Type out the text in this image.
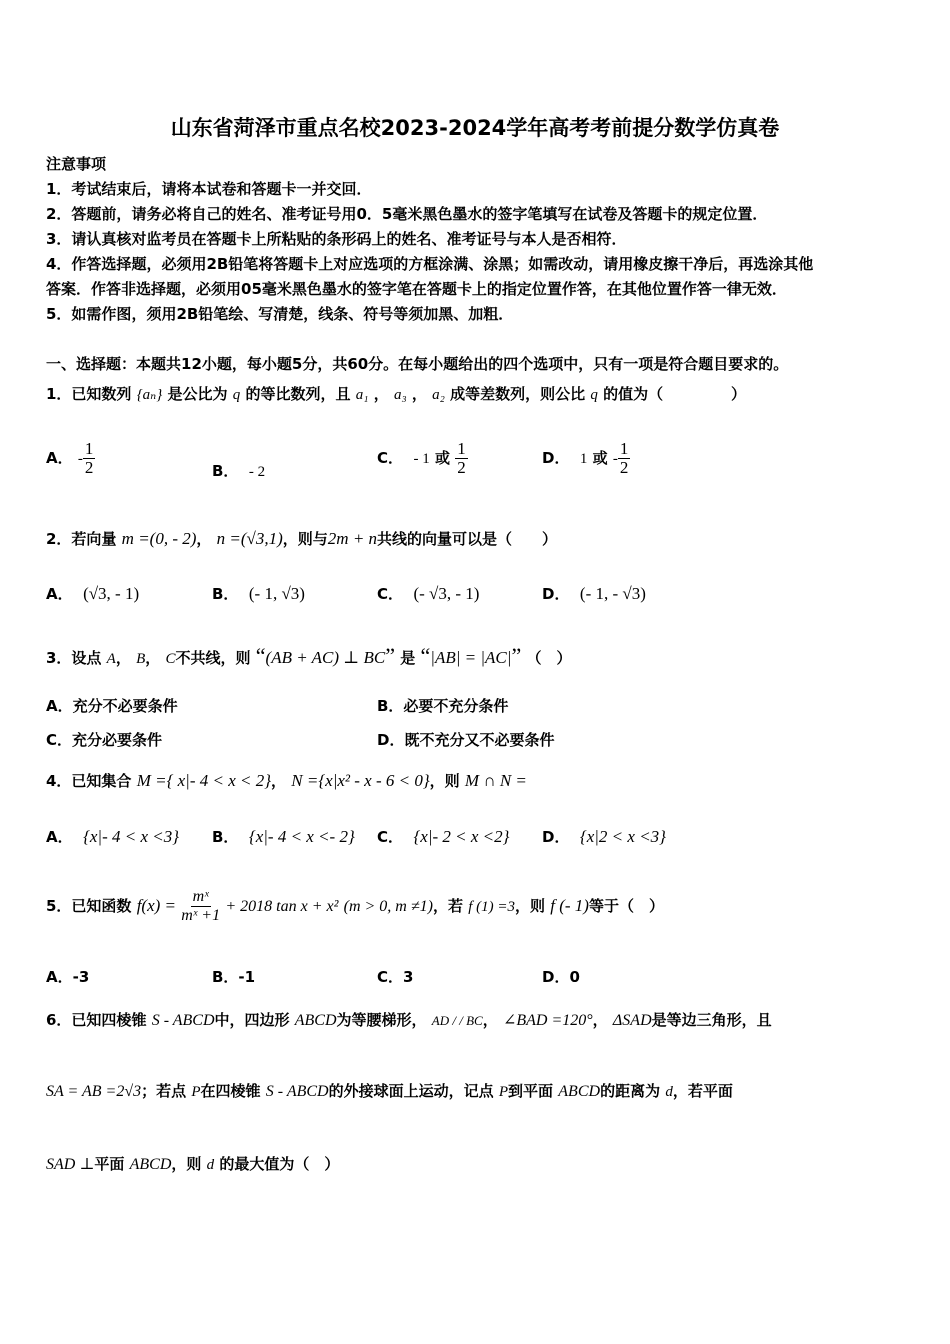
山东省菏泽市重点名校2023-2024学年高考考前提分数学仿真卷
注意事项
1．考试结束后，请将本试卷和答题卡一并交回．
2．答题前，请务必将自己的姓名、准考证号用0．5毫米黑色墨水的签字笔填写在试卷及答题卡的规定位置．
3．请认真核对监考员在答题卡上所粘贴的条形码上的姓名、准考证号与本人是否相符．
4．作答选择题，必须用2B铅笔将答题卡上对应选项的方框涂满、涂黑；如需改动，请用橡皮擦干净后，再选涂其他
答案．作答非选择题，必须用05毫米黑色墨水的签字笔在答题卡上的指定位置作答，在其他位置作答一律无效．
5．如需作图，须用2B铅笔绘、写清楚，线条、符号等须加黑、加粗．
一、选择题：本题共12小题，每小题5分，共60分。在每小题给出的四个选项中，只有一项是符合题目要求的。
1．已知数列 {aₙ} 是公比为 q 的等比数列，且 a₁ ， a₃ ， a₂ 成等差数列，则公比 q 的值为（	）
A． - $\frac{1}{2}$	B． - 2
C． - 1 或 $\frac{1}{2}$	D． 1 或 - $\frac{1}{2}$
2．若向量 m =(0, - 2)， n =(√3,1)，则与2m + n共线的向量可以是（　　）
A． (√3, - 1)	B． (- 1, √3)	C． (- √3, - 1)	D． (- 1, - √3)
3．设点 A， B， C不共线，则 “(AB + AC) ⊥ BC” 是 “|AB| = |AC|” （　）
A．充分不必要条件	B．必要不充分条件
C．充分必要条件	D．既不充分又不必要条件
4．已知集合 M ={ x|- 4 < x < 2}， N ={x|x² - x - 6 < 0}，则 M ∩ N =
A． {x|- 4 < x <3} B． {x|- 4 < x <- 2} C． {x|- 2 < x <2} D． {x|2 < x <3}
5．已知函数 $f(x) = \frac{\text{mˣ}}{\text{mˣ +1}} + 2018$ tan x + x² (m > 0, m ≠1)，若 f (1) =3，则 f (- 1)等于（　）
A．-3	B．-1	C．3	D．0
6．已知四棱锥 S - ABCD中，四边形 ABCD为等腰梯形， AD / / BC， ∠BAD =120°， ΔSAD是等边三角形，且
SA = AB =2√3；若点 P在四棱锥 S - ABCD的外接球面上运动，记点 P到平面 ABCD的距离为 d，若平面
SAD ⊥平面 ABCD，则 d 的最大值为（　）
